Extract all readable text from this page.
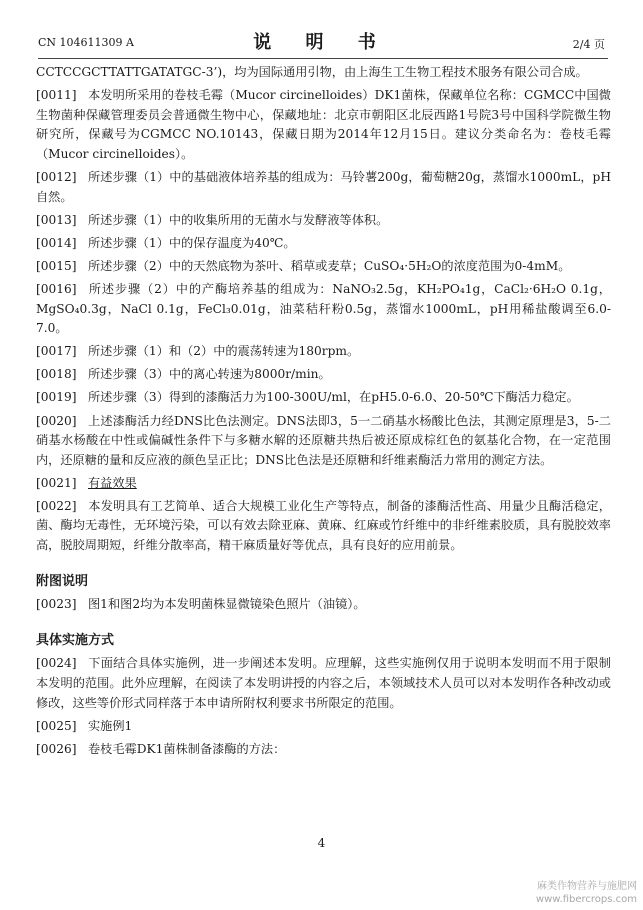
CN 104611309 A	说 明 书	2/4 页
CCTCCGCTTATTGATATGC-3’)，均为国际通用引物，由上海生工生物工程技术服务有限公司合成。
[0011] 本发明所采用的卷枝毛霉（Mucor circinelloides）DK1菌株，保藏单位名称：CGMCC中国微生物菌种保藏管理委员会普通微生物中心，保藏地址：北京市朝阳区北辰西路1号院3号中国科学院微生物研究所，保藏号为CGMCC NO.10143，保藏日期为2014年12月15日。建议分类命名为：卷枝毛霉（Mucor circinelloides）。
[0012] 所述步骤（1）中的基础液体培养基的组成为：马铃薯200g，葡萄糖20g，蒸馏水1000mL，pH自然。
[0013] 所述步骤（1）中的收集所用的无菌水与发酵液等体积。
[0014] 所述步骤（1）中的保存温度为40℃。
[0015] 所述步骤（2）中的天然底物为茶叶、稻草或麦草；CuSO₄·5H₂O的浓度范围为0-4mM。
[0016] 所述步骤（2）中的产酶培养基的组成为：NaNO₃2.5g，KH₂PO₄1g，CaCl₂·6H₂O 0.1g，MgSO₄0.3g，NaCl 0.1g，FeCl₃0.01g，油菜秸秆粉0.5g，蒸馏水1000mL，pH用稀盐酸调至6.0-7.0。
[0017] 所述步骤（1）和（2）中的震荡转速为180rpm。
[0018] 所述步骤（3）中的离心转速为8000r/min。
[0019] 所述步骤（3）得到的漆酶活力为100-300U/ml，在pH5.0-6.0、20-50℃下酶活力稳定。
[0020] 上述漆酶活力经DNS比色法测定。DNS法即3，5一二硝基水杨酸比色法，其测定原理是3，5-二硝基水杨酸在中性或偏碱性条件下与多糖水解的还原糖共热后被还原成棕红色的氨基化合物，在一定范围内，还原糖的量和反应液的颜色呈正比；DNS比色法是还原糖和纤维素酶活力常用的测定方法。
[0021] 有益效果
[0022] 本发明具有工艺简单、适合大规模工业化生产等特点，制备的漆酶活性高、用量少且酶活稳定，菌、酶均无毒性，无环境污染，可以有效去除亚麻、黄麻、红麻或竹纤维中的非纤维素胶质，具有脱胶效率高，脱胶周期短，纤维分散率高，精干麻质量好等优点，具有良好的应用前景。
附图说明
[0023] 图1和图2均为本发明菌株显微镜染色照片（油镜）。
具体实施方式
[0024] 下面结合具体实施例，进一步阐述本发明。应理解，这些实施例仅用于说明本发明而不用于限制本发明的范围。此外应理解，在阅读了本发明讲授的内容之后，本领域技术人员可以对本发明作各种改动或修改，这些等价形式同样落于本申请所附权利要求书所限定的范围。
[0025] 实施例1
[0026] 卷枝毛霉DK1菌株制备漆酶的方法：
4
麻类作物营养与施肥网
www.fibercrops.com
